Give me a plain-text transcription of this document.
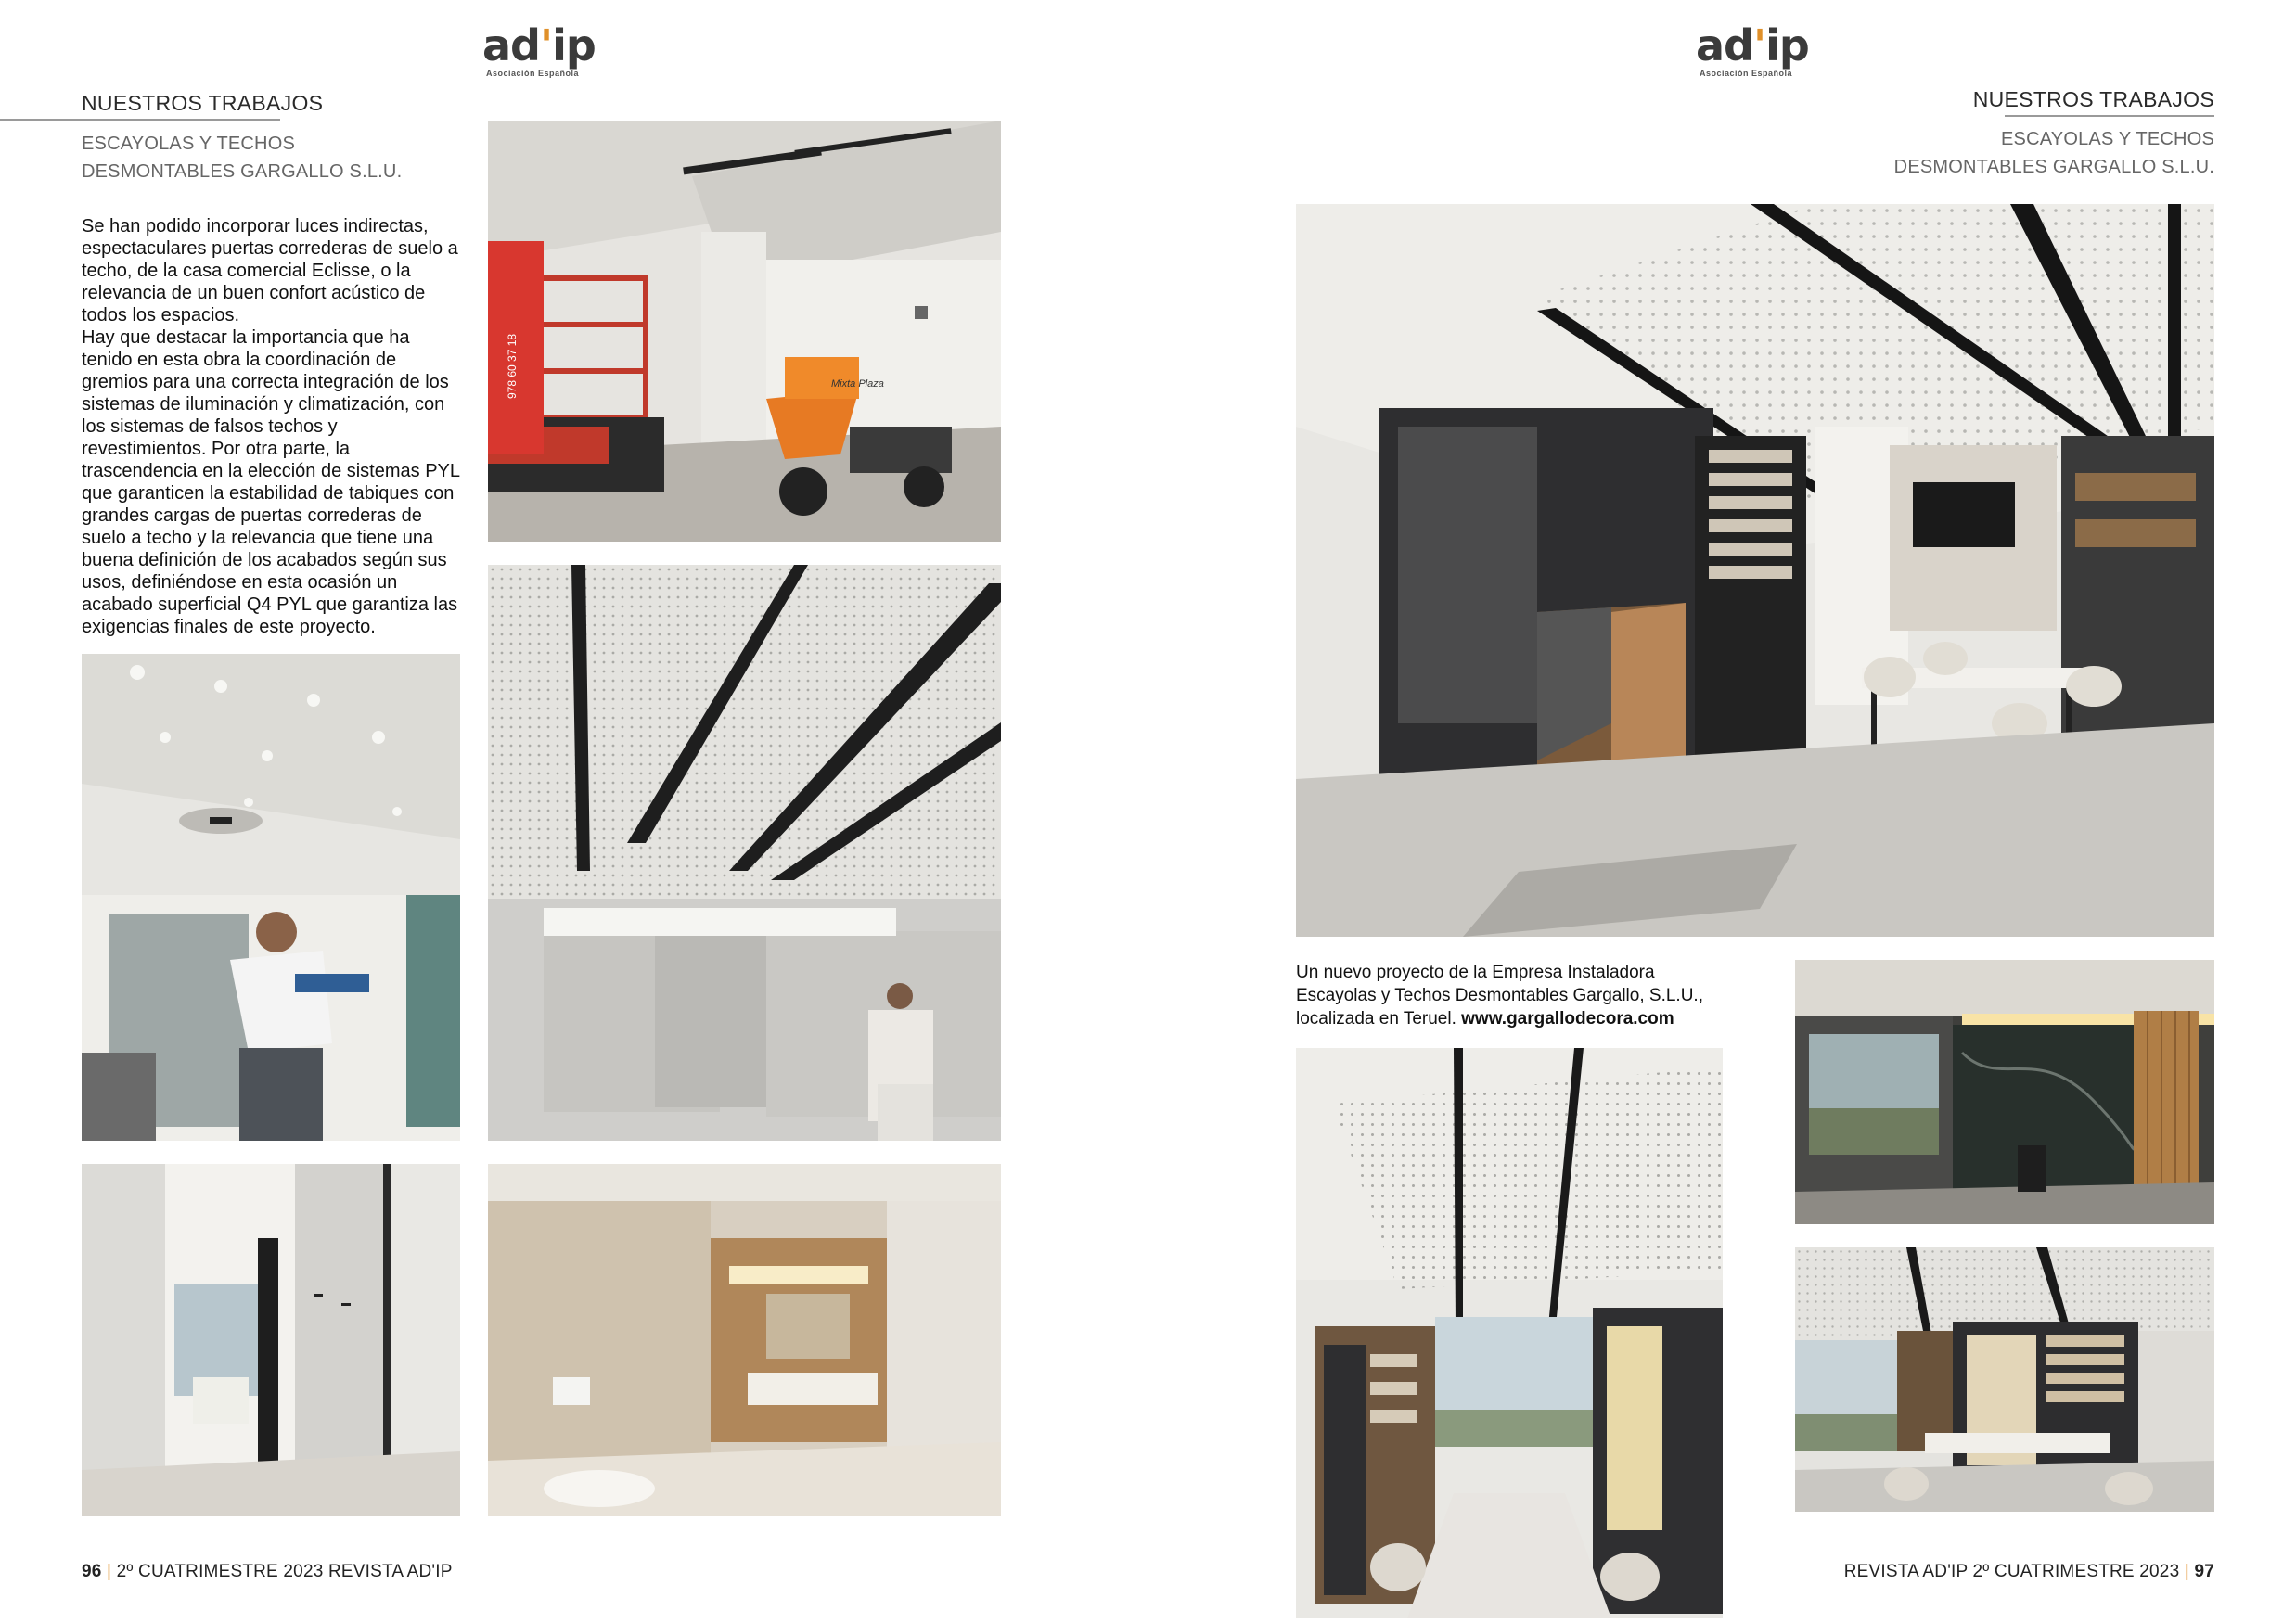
ad'ip
Asociación Española
NUESTROS TRABAJOS
ESCAYOLAS Y TECHOS
DESMONTABLES GARGALLO S.L.U.

Se han podido incorporar luces indirectas, espectaculares puertas correderas de suelo a techo, de la casa comercial Eclisse, o la relevancia de un buen confort acústico de todos los espacios.

Hay que destacar la importancia que ha tenido en esta obra la coordinación de gremios para una correcta integración de los sistemas de iluminación y climatización, con los sistemas de falsos techos y revestimientos. Por otra parte, la trascendencia en la elección de sistemas PYL que garanticen la estabilidad de tabiques con grandes cargas de puertas correderas de suelo a techo y la relevancia que tiene una buena definición de los acabados según sus usos, definiéndose en esta ocasión un acabado superficial Q4 PYL que garantiza las exigencias finales de este proyecto.

978 60 37 18	Mixta Plaza
96 | 2º CUATRIMESTRE 2023 REVISTA AD'IP
ad'ip
Asociación Española
NUESTROS TRABAJOS
ESCAYOLAS Y TECHOS
DESMONTABLES GARGALLO S.L.U.
Un nuevo proyecto de la Empresa Instaladora Escayolas y Techos Desmontables Gargallo, S.L.U., localizada en Teruel. www.gargallodecora.com
REVISTA AD'IP 2º CUATRIMESTRE 2023 | 97
